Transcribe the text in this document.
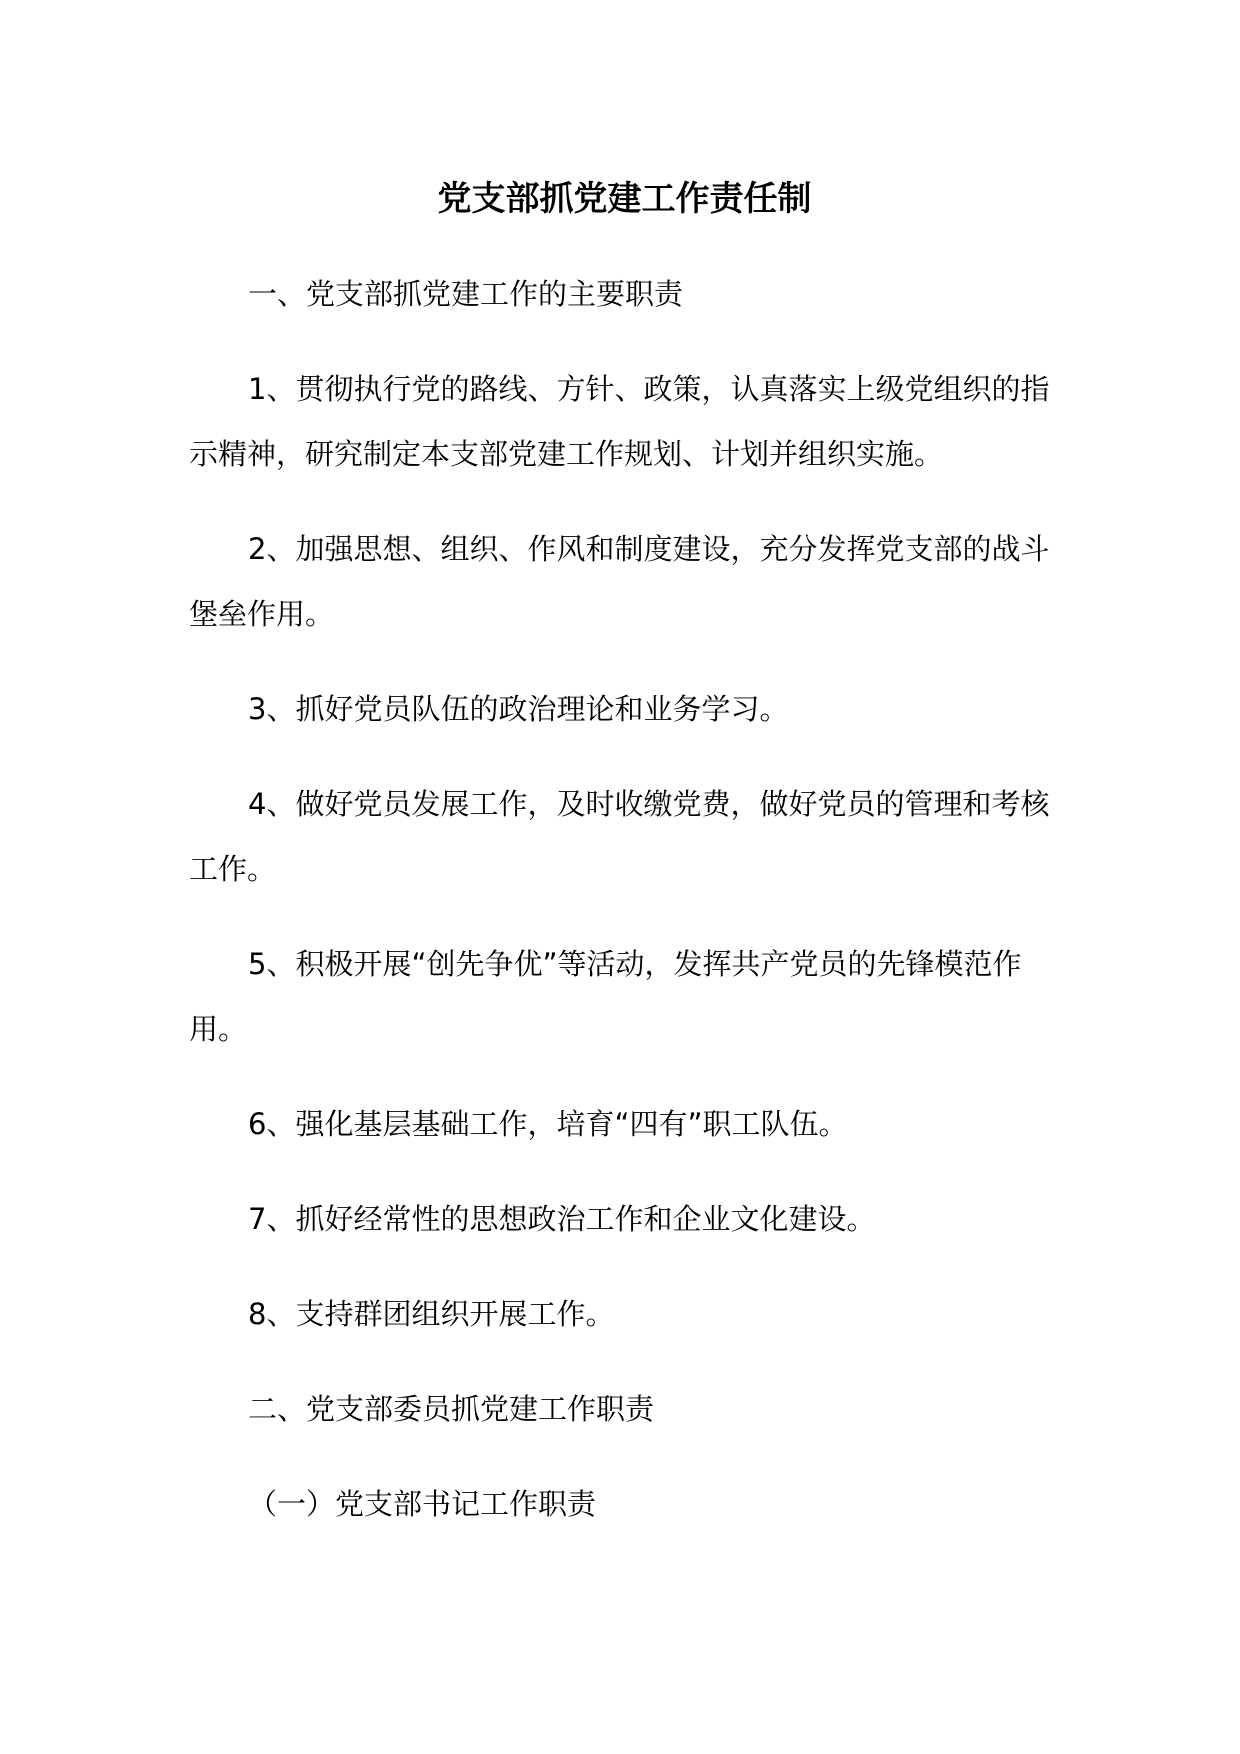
党支部抓党建工作责任制
一、党支部抓党建工作的主要职责
1、贯彻执行党的路线、方针、政策，认真落实上级党组织的指
示精神，研究制定本支部党建工作规划、计划并组织实施。
2、加强思想、组织、作风和制度建设，充分发挥党支部的战斗
堡垒作用。
3、抓好党员队伍的政治理论和业务学习。
4、做好党员发展工作，及时收缴党费，做好党员的管理和考核
工作。
5、积极开展“创先争优”等活动，发挥共产党员的先锋模范作
用。
6、强化基层基础工作，培育“四有”职工队伍。
7、抓好经常性的思想政治工作和企业文化建设。
8、支持群团组织开展工作。
二、党支部委员抓党建工作职责
（一）党支部书记工作职责
